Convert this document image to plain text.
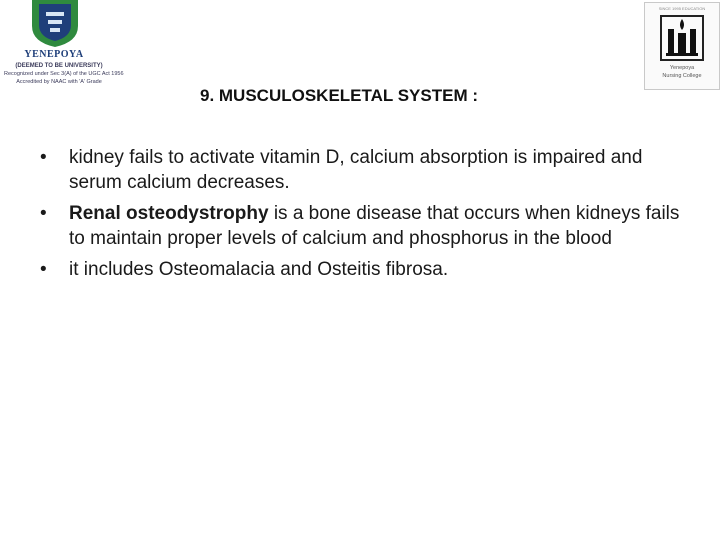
YENEPOYA
(DEEMED TO BE UNIVERSITY)
Recognized under Sec 3(A) of the UGC Act 1956
Accredited by NAAC with 'A' Grade
SINCE 1995 EDUCATION
Yenepoya
Nursing College
9. MUSCULOSKELETAL SYSTEM :
• kidney fails to activate vitamin D, calcium absorption is impaired and serum calcium decreases.
• Renal osteodystrophy is a bone disease that occurs when kidneys fails to maintain proper levels of calcium and phosphorus in the blood
• it includes Osteomalacia and Osteitis fibrosa.
